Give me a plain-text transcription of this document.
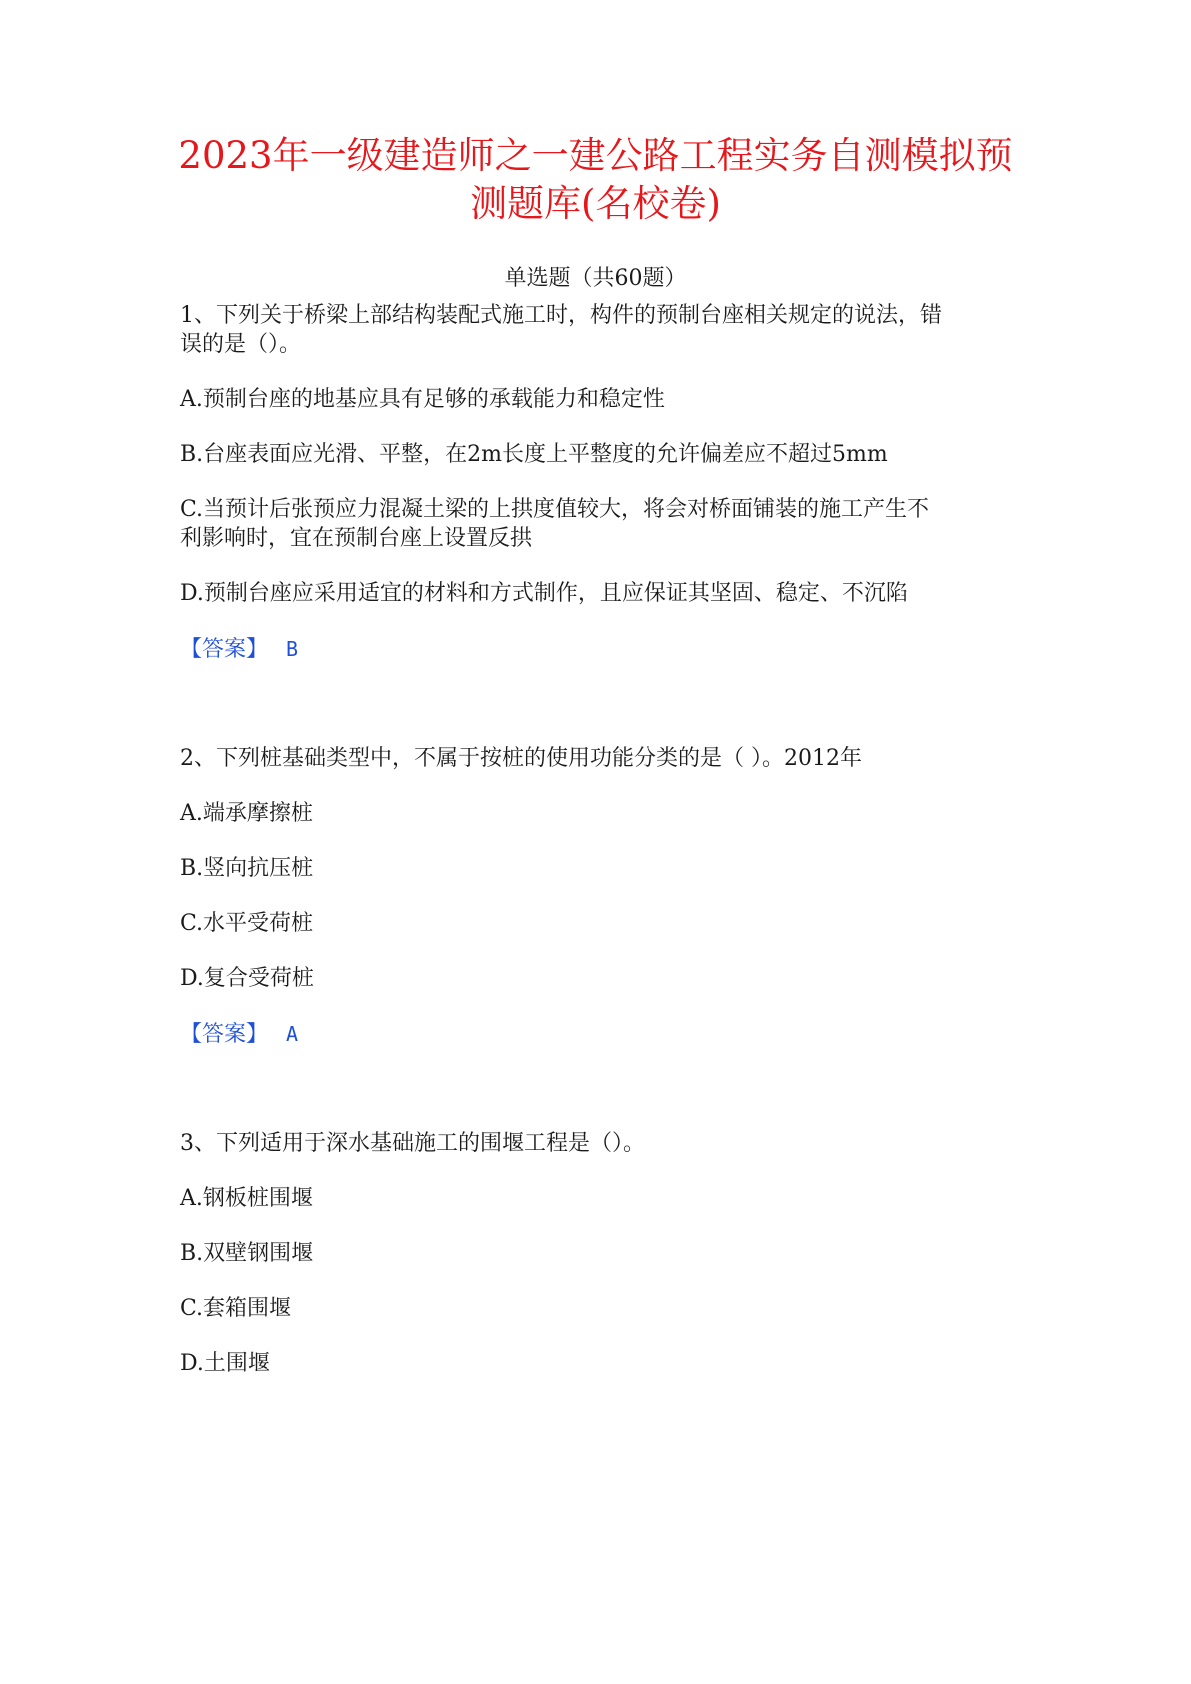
2023年一级建造师之一建公路工程实务自测模拟预
测题库(名校卷)
单选题（共60题）
1、下列关于桥梁上部结构装配式施工时，构件的预制台座相关规定的说法，错
误的是（）。
A.预制台座的地基应具有足够的承载能力和稳定性
B.台座表面应光滑、平整，在2m长度上平整度的允许偏差应不超过5mm
C.当预计后张预应力混凝土梁的上拱度值较大，将会对桥面铺装的施工产生不
利影响时，宜在预制台座上设置反拱
D.预制台座应采用适宜的材料和方式制作，且应保证其坚固、稳定、不沉陷
【答案】 B
2、下列桩基础类型中，不属于按桩的使用功能分类的是（ ）。2012年
A.端承摩擦桩
B.竖向抗压桩
C.水平受荷桩
D.复合受荷桩
【答案】 A
3、下列适用于深水基础施工的围堰工程是（）。
A.钢板桩围堰
B.双壁钢围堰
C.套箱围堰
D.土围堰
